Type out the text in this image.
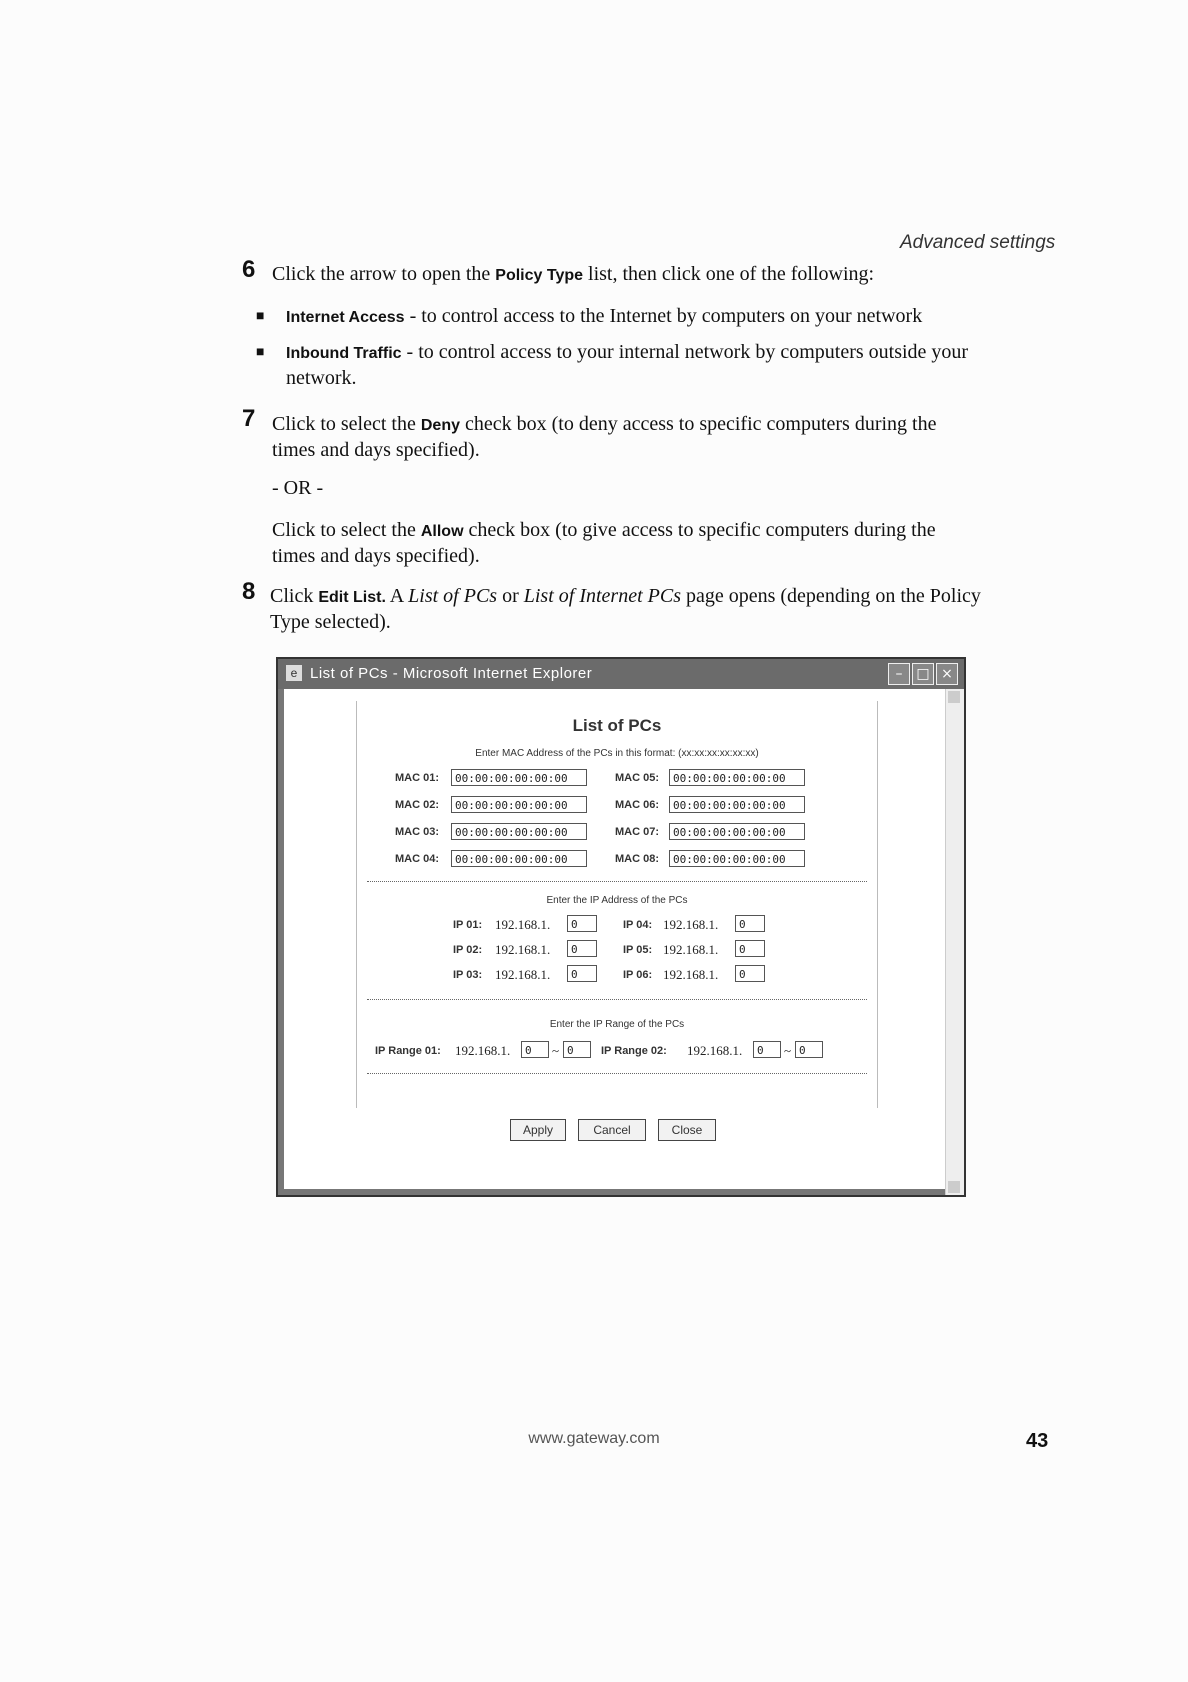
Advanced settings
6 Click the arrow to open the Policy Type list, then click one of the following:
■ Internet Access - to control access to the Internet by computers on your network
■ Inbound Traffic - to control access to your internal network by computers outside your
network.
7 Click to select the Deny check box (to deny access to specific computers during the
times and days specified).
- OR -
Click to select the Allow check box (to give access to specific computers during the
times and days specified).
8 Click Edit List. A List of PCs or List of Internet PCs page opens (depending on the Policy
Type selected).
e List of PCs - Microsoft Internet Explorer	– □ ×
List of PCs
Enter MAC Address of the PCs in this format: (xx:xx:xx:xx:xx:xx)
MAC 01:	00:00:00:00:00:00
MAC 02:	00:00:00:00:00:00
MAC 03:	00:00:00:00:00:00
MAC 04:	00:00:00:00:00:00
MAC 05:	00:00:00:00:00:00
MAC 06:	00:00:00:00:00:00
MAC 07:	00:00:00:00:00:00
MAC 08:	00:00:00:00:00:00
Enter the IP Address of the PCs
IP 01: 192.168.1.	0
IP 02: 192.168.1.	0
IP 03: 192.168.1.	0
IP 04: 192.168.1.	0
IP 05: 192.168.1.	0
IP 06: 192.168.1.	0
Enter the IP Range of the PCs
IP Range 01: 192.168.1.	0	~ 0	IP Range 02: 192.168.1.	0	~ 0
Apply	Cancel	Close
www.gateway.com	43
